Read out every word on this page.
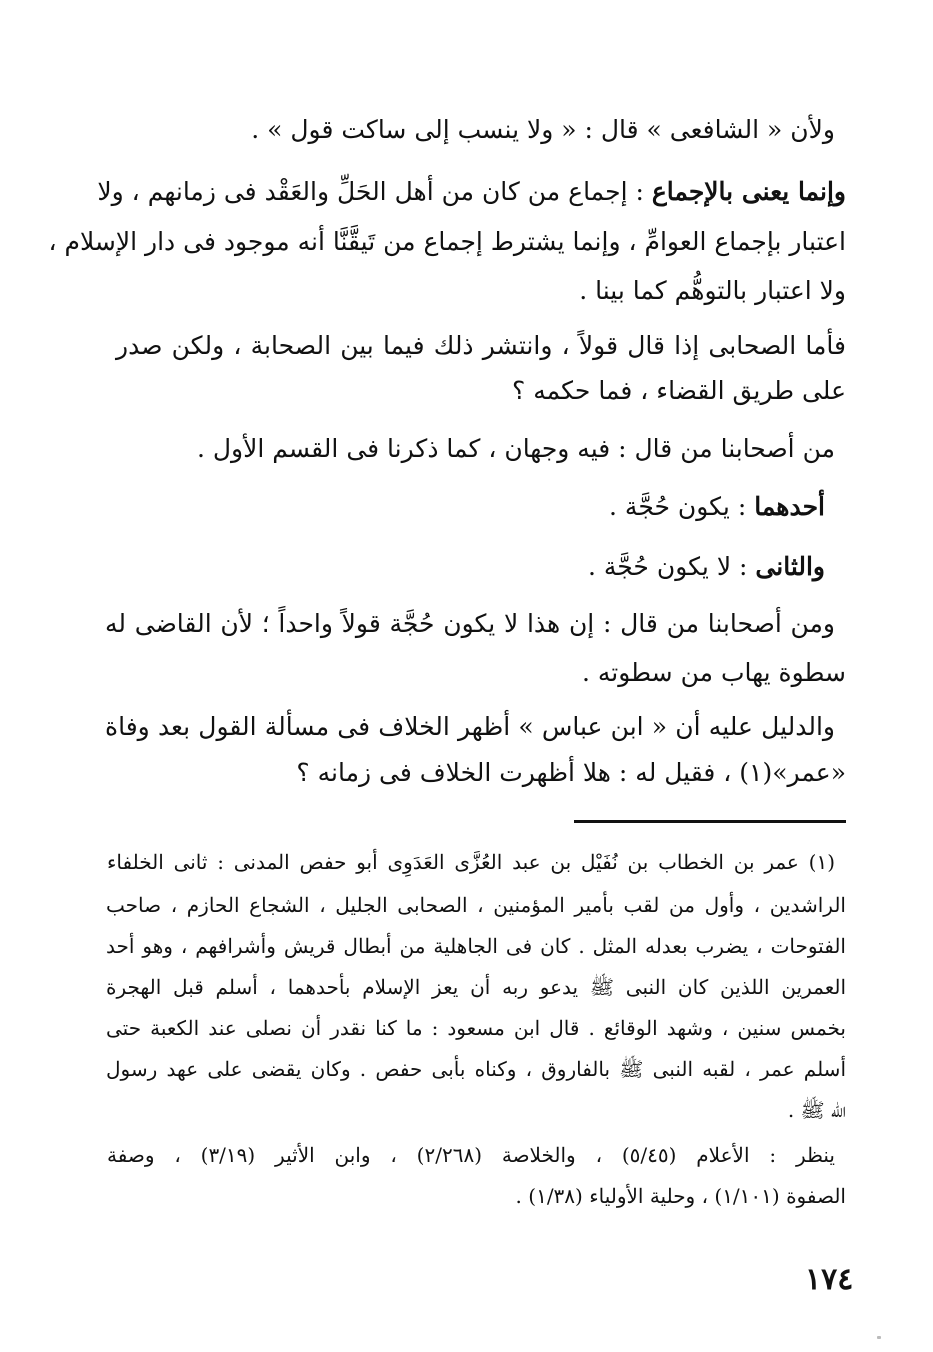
ولأن « الشافعى » قال : « ولا ينسب إلى ساكت قول » .
وإنما يعنى بالإجماع : إجماع من كان من أهل الحَلِّ والعَقْد فى زمانهم ، ولا
اعتبار بإجماع العوامِّ ، وإنما يشترط إجماع من تَيقَّنَّا أنه موجود فى دار الإسلام ،
ولا اعتبار بالتوهُّم كما بينا .
فأما الصحابى إذا قال قولاً ، وانتشر ذلك فيما بين الصحابة ، ولكن صدر
على طريق القضاء ، فما حكمه ؟
من أصحابنا من قال : فيه وجهان ، كما ذكرنا فى القسم الأول .
أحدهما : يكون حُجَّة .
والثانى : لا يكون حُجَّة .
ومن أصحابنا من قال : إن هذا لا يكون حُجَّة قولاً واحداً ؛ لأن القاضى له
سطوة يهاب من سطوته .
والدليل عليه أن « ابن عباس » أظهر الخلاف فى مسألة القول بعد وفاة
«عمر»(١) ، فقيل له : هلا أظهرت الخلاف فى زمانه ؟
(١) عمر بن الخطاب بن نُفَيْل بن عبد العُزَّى العَدَوِى أبو حفص المدنى : ثانى الخلفاء
الراشدين ، وأول من لقب بأمير المؤمنين ، الصحابى الجليل ، الشجاع الحازم ، صاحب
الفتوحات ، يضرب بعدله المثل . كان فى الجاهلية من أبطال قريش وأشرافهم ، وهو أحد
العمرين اللذين كان النبى ﷺ يدعو ربه أن يعز الإسلام بأحدهما ، أسلم قبل الهجرة
بخمس سنين ، وشهد الوقائع . قال ابن مسعود : ما كنا نقدر أن نصلى عند الكعبة حتى
أسلم عمر ، لقبه النبى ﷺ بالفاروق ، وكناه بأبى حفص . وكان يقضى على عهد رسول
الله ﷺ .
ينظر : الأعلام (٥/٤٥) ، والخلاصة (٢/٢٦٨) ، وابن الأثير (٣/١٩) ، وصفة
الصفوة (١/١٠١) ، وحلية الأولياء (١/٣٨) .
١٧٤
